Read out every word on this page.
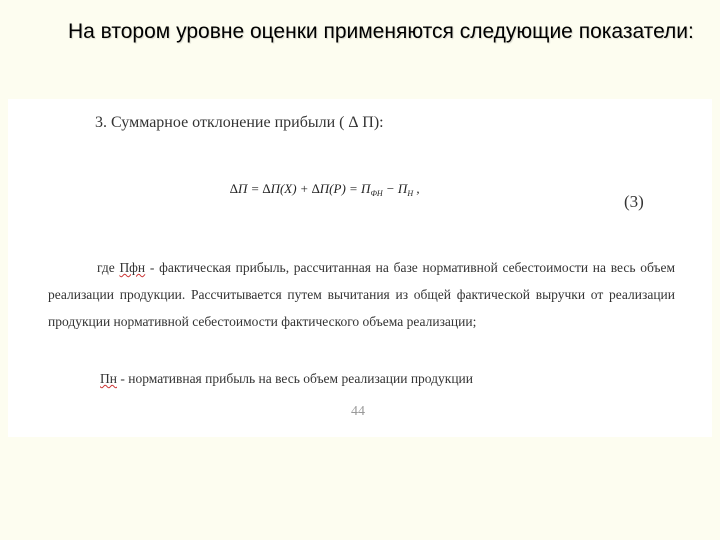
На втором уровне оценки применяются следующие показатели:
3. Суммарное отклонение прибыли ( ∆ П):
$\Delta П = \Delta П(Х) + \Delta П(Р) = П_{ФН} - П_Н$ ,
(3)
где Пфн - фактическая прибыль, рассчитанная на базе нормативной себестоимости на весь объем реализации продукции. Рассчитывается путем вычитания из общей фактической выручки от реализации продукции нормативной себестоимости фактического объема реализации;
Пн - нормативная прибыль на весь объем реализации продукции
44
